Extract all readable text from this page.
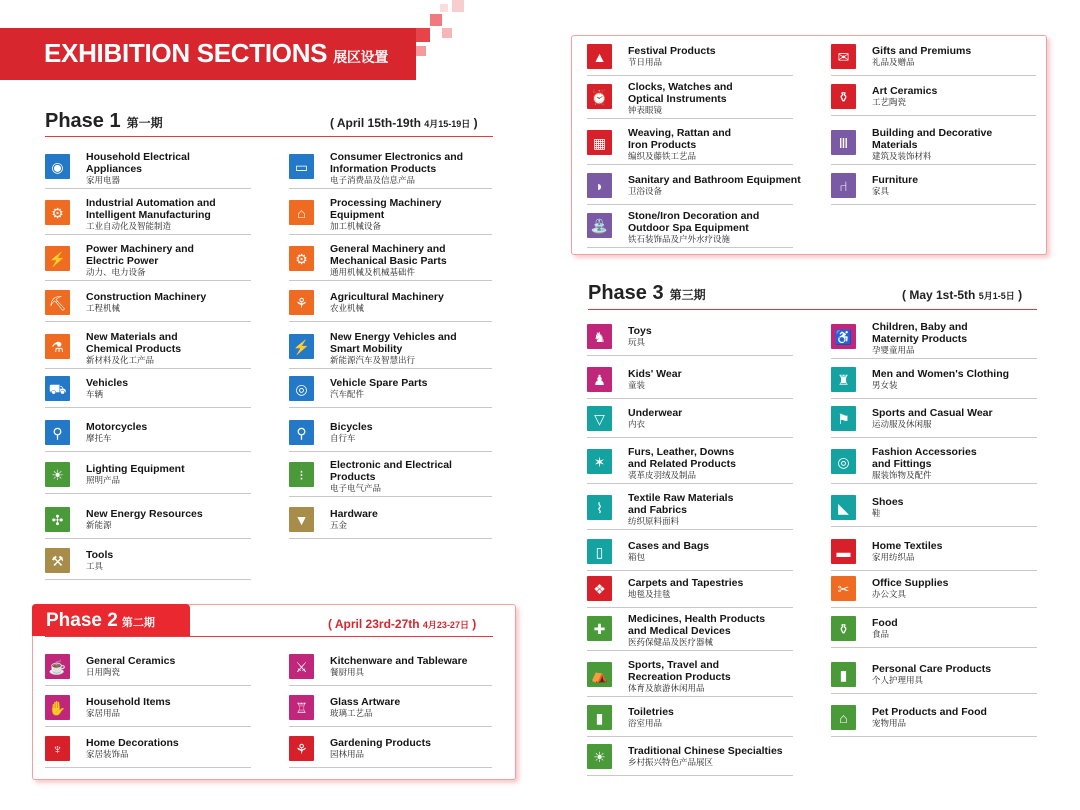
EXHIBITION SECTIONS 展区设置
Phase 1 第一期	( April 15th-19th 4月15-19日 )
◉
Household Electrical
Appliances
家用电器
⚙
Industrial Automation and
Intelligent Manufacturing
工业自动化及智能制造
⚡
Power Machinery and
Electric Power
动力、电力设备
⛏	Construction Machinery
工程机械
⚗
New Materials and
Chemical Products
新材料及化工产品
⛟	Vehicles
车辆
⚲	Motorcycles
摩托车
☀	Lighting Equipment
照明产品
✣	New Energy Resources
新能源
⚒	Tools
工具
▭
Consumer Electronics and
Information Products
电子消费品及信息产品
⌂
Processing Machinery
Equipment
加工机械设备
⚙
General Machinery and
Mechanical Basic Parts
通用机械及机械基础件
⚘	Agricultural Machinery
农业机械
⚡
New Energy Vehicles and
Smart Mobility
新能源汽车及智慧出行
◎	Vehicle Spare Parts
汽车配件
⚲	Bicycles
自行车
⁝
Electronic and Electrical
Products
电子电气产品
▼	Hardware
五金
Phase 2 第二期	( April 23rd-27th 4月23-27日 )
☕	General Ceramics
日用陶瓷
✋	Household Items
家居用品
♆	Home Decorations
家居装饰品
⚔	Kitchenware and Tableware
餐厨用具
♖	Glass Artware
玻璃工艺品
⚘	Gardening Products
园林用品
▲	Festival Products
节日用品
⏰
Clocks, Watches and
Optical Instruments
钟表眼镜
▦
Weaving, Rattan and
Iron Products
编织及藤铁工艺品
◗	Sanitary and Bathroom Equipment
卫浴设备
⛲
Stone/Iron Decoration and
Outdoor Spa Equipment
铁石装饰品及户外水疗设施
✉	Gifts and Premiums
礼品及赠品
⚱	Art Ceramics
工艺陶瓷
Ⅲ
Building and Decorative
Materials
建筑及装饰材料
⑁	Furniture
家具
Phase 3 第三期	( May 1st-5th 5月1-5日 )
♞	Toys
玩具
♟	Kids' Wear
童装
▽	Underwear
内衣
✶
Furs, Leather, Downs
and Related Products
裘革皮羽绒及制品
⌇
Textile Raw Materials
and Fabrics
纺织原料面料
▯	Cases and Bags
箱包
❖	Carpets and Tapestries
地毯及挂毯
✚
Medicines, Health Products
and Medical Devices
医药保健品及医疗器械
⛺
Sports, Travel and
Recreation Products
体育及旅游休闲用品
▮	Toiletries
浴室用品
☀	Traditional Chinese Specialties
乡村振兴特色产品展区
♿
Children, Baby and
Maternity Products
孕婴童用品
♜	Men and Women's Clothing
男女装
⚑	Sports and Casual Wear
运动服及休闲服
◎
Fashion Accessories
and Fittings
服装饰物及配件
◣	Shoes
鞋
▬	Home Textiles
家用纺织品
✂	Office Supplies
办公文具
⚱	Food
食品
▮	Personal Care Products
个人护理用具
⌂	Pet Products and Food
宠物用品
